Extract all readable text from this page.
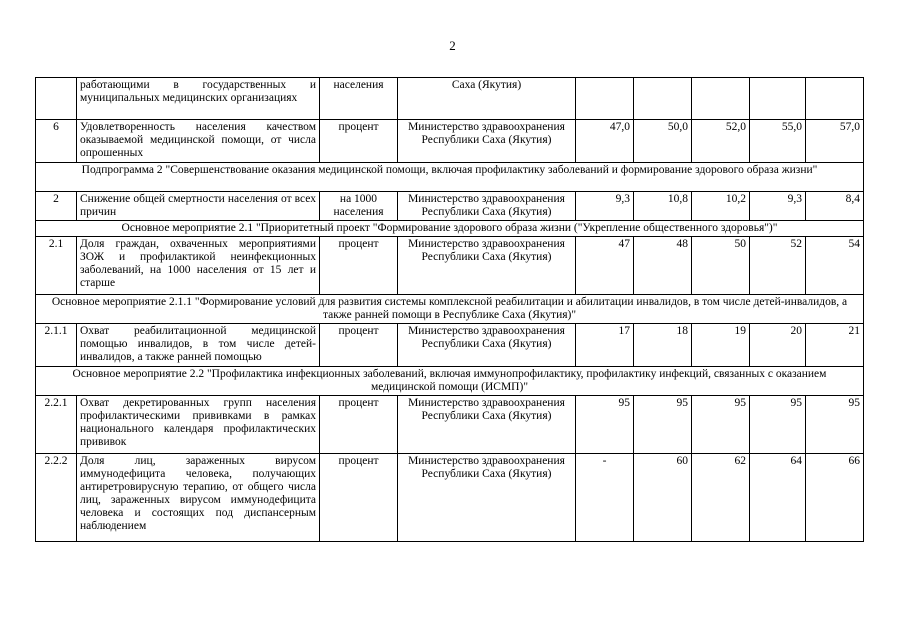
2
	работающими в государственных и муниципальных медицинских организациях	населения	Саха (Якутия)					
6	Удовлетворенность населения качеством оказываемой медицинской помощи, от числа опрошенных	процент	Министерство здравоохранения Республики Саха (Якутия)	47,0	50,0	52,0	55,0	57,0
Подпрограмма 2 "Совершенствование оказания медицинской помощи, включая профилактику заболеваний и формирование здорового образа жизни"								
2	Снижение общей смертности населения от всех причин	на 1000 населения	Министерство здравоохранения Республики Саха (Якутия)	9,3	10,8	10,2	9,3	8,4
Основное мероприятие 2.1 "Приоритетный проект "Формирование здорового образа жизни ("Укрепление общественного здоровья")"								
2.1	Доля граждан, охваченных мероприятиями ЗОЖ и профилактикой неинфекционных заболеваний, на 1000 населения от 15 лет и старше	процент	Министерство здравоохранения Республики Саха (Якутия)	47	48	50	52	54
Основное мероприятие 2.1.1 "Формирование условий для развития системы комплексной реабилитации и абилитации инвалидов, в том числе детей-инвалидов, а также ранней помощи в Республике Саха (Якутия)"								
2.1.1	Охват реабилитационной медицинской помощью инвалидов, в том числе детей-инвалидов, а также ранней помощью	процент	Министерство здравоохранения Республики Саха (Якутия)	17	18	19	20	21
Основное мероприятие 2.2 "Профилактика инфекционных заболеваний, включая иммунопрофилактику, профилактику инфекций, связанных с оказанием медицинской помощи (ИСМП)"								
2.2.1	Охват декретированных групп населения профилактическими прививками в рамках национального календаря профилактических прививок	процент	Министерство здравоохранения Республики Саха (Якутия)	95	95	95	95	95
2.2.2	Доля лиц, зараженных вирусом иммунодефицита человека, получающих антиретровирусную терапию, от общего числа лиц, зараженных вирусом иммунодефицита человека и состоящих под диспансерным наблюдением	процент	Министерство здравоохранения Республики Саха (Якутия)	-	60	62	64	66
